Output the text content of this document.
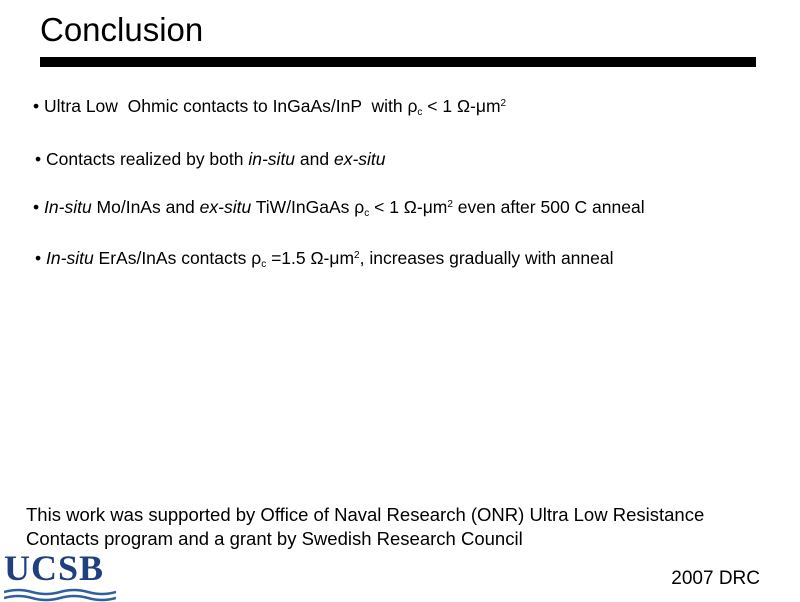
Conclusion
• Ultra Low  Ohmic contacts to InGaAs/InP  with $\rho_c < 1$ $\Omega-\mu m^2$
• Contacts realized by both in-situ and ex-situ
• In-situ Mo/InAs and ex-situ TiW/InGaAs $\rho_c < 1$ $\Omega-\mu m^2$ even after 500 C anneal
• In-situ ErAs/InAs contacts $\rho_c =1.5$ $\Omega-\mu m^2$, increases gradually with anneal
This work was supported by Office of Naval Research (ONR) Ultra Low Resistance Contacts program and a grant by Swedish Research Council
UCSB	2007 DRC
